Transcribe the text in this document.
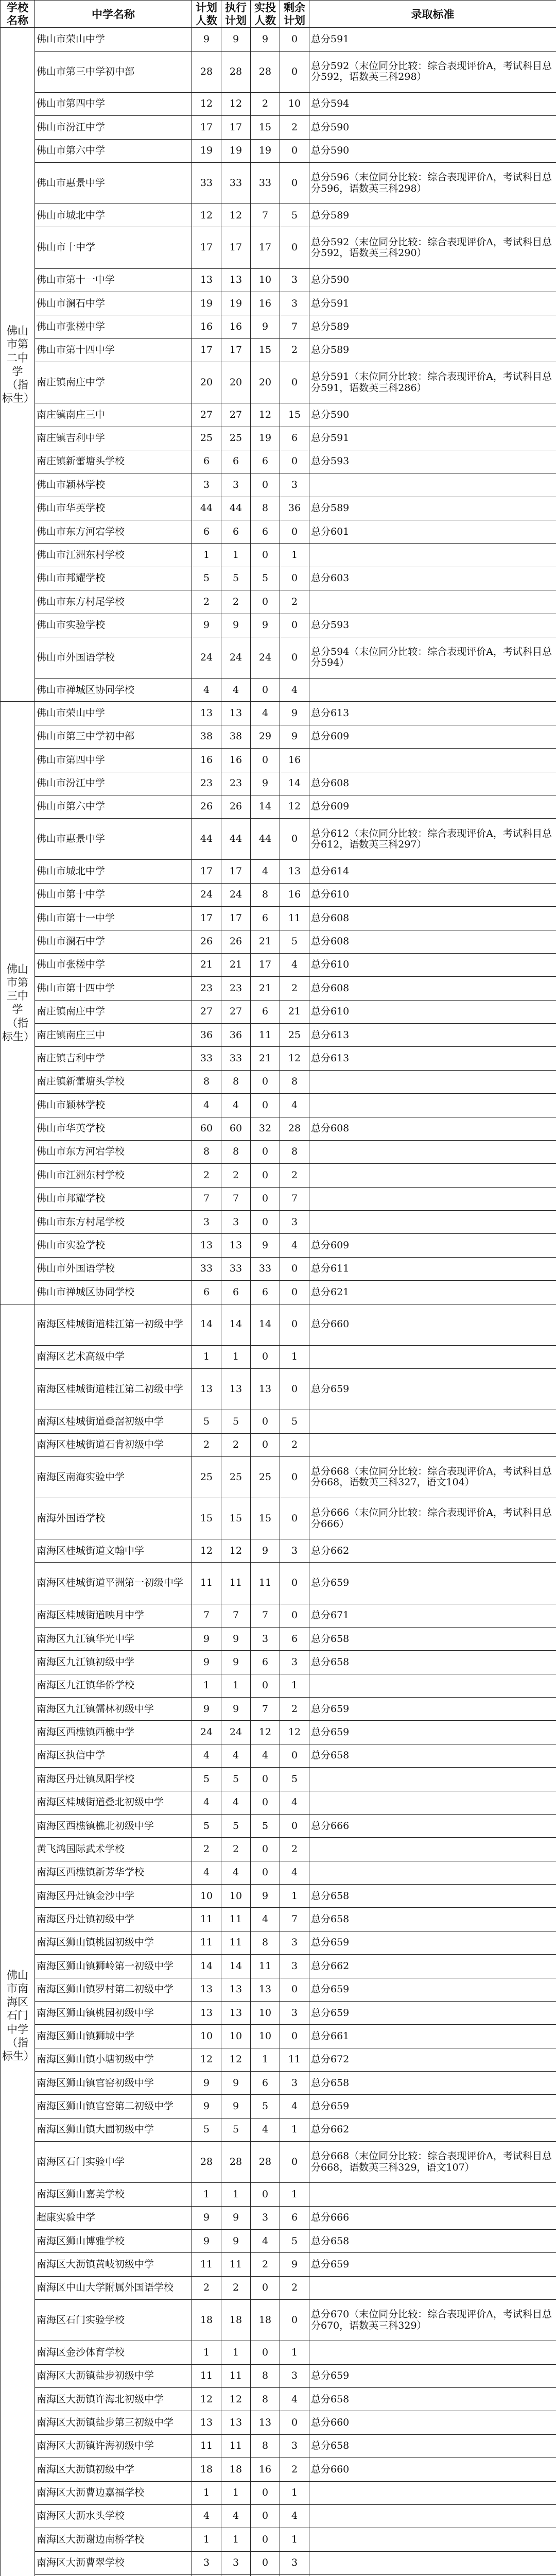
学校名称	中学名称	计划人数	执行计划	实投人数	剩余计划	录取标准
佛山市第二中学（指标生）	佛山市荣山中学	9	9	9	0	总分591
	佛山市第三中学初中部	28	28	28	0	总分592（末位同分比较：综合表现评价A，考试科目总分592，语数英三科298）
	佛山市第四中学	12	12	2	10	总分594
	佛山市汾江中学	17	17	15	2	总分590
	佛山市第六中学	19	19	19	0	总分590
	佛山市惠景中学	33	33	33	0	总分596（末位同分比较：综合表现评价A，考试科目总分596，语数英三科298）
	佛山市城北中学	12	12	7	5	总分589
	佛山市十中学	17	17	17	0	总分592（末位同分比较：综合表现评价A，考试科目总分592，语数英三科290）
	佛山市第十一中学	13	13	10	3	总分590
	佛山市澜石中学	19	19	16	3	总分591
	佛山市张槎中学	16	16	9	7	总分589
	佛山市第十四中学	17	17	15	2	总分589
	南庄镇南庄中学	20	20	20	0	总分591（末位同分比较：综合表现评价A，考试科目总分591，语数英三科286）
	南庄镇南庄三中	27	27	12	15	总分590
	南庄镇吉利中学	25	25	19	6	总分591
	南庄镇新蕾塘头学校	6	6	6	0	总分593
	佛山市颖林学校	3	3	0	3	
	佛山市华英学校	44	44	8	36	总分589
	佛山市东方河宕学校	6	6	6	0	总分601
	佛山市江洲东村学校	1	1	0	1	
	佛山市邦耀学校	5	5	5	0	总分603
	佛山市东方村尾学校	2	2	0	2	
	佛山市实验学校	9	9	9	0	总分593
	佛山市外国语学校	24	24	24	0	总分594（末位同分比较：综合表现评价A，考试科目总分594）
	佛山市禅城区协同学校	4	4	0	4	
佛山市第三中学（指标生）	佛山市荣山中学	13	13	4	9	总分613
	佛山市第三中学初中部	38	38	29	9	总分609
	佛山市第四中学	16	16	0	16	
	佛山市汾江中学	23	23	9	14	总分608
	佛山市第六中学	26	26	14	12	总分609
	佛山市惠景中学	44	44	44	0	总分612（末位同分比较：综合表现评价A，考试科目总分612，语数英三科297）
	佛山市城北中学	17	17	4	13	总分614
	佛山市第十中学	24	24	8	16	总分610
	佛山市第十一中学	17	17	6	11	总分608
	佛山市澜石中学	26	26	21	5	总分608
	佛山市张槎中学	21	21	17	4	总分610
	佛山市第十四中学	23	23	21	2	总分608
	南庄镇南庄中学	27	27	6	21	总分610
	南庄镇南庄三中	36	36	11	25	总分613
	南庄镇吉利中学	33	33	21	12	总分613
	南庄镇新蕾塘头学校	8	8	0	8	
	佛山市颖林学校	4	4	0	4	
	佛山市华英学校	60	60	32	28	总分608
	佛山市东方河宕学校	8	8	0	8	
	佛山市江洲东村学校	2	2	0	2	
	佛山市邦耀学校	7	7	0	7	
	佛山市东方村尾学校	3	3	0	3	
	佛山市实验学校	13	13	9	4	总分609
	佛山市外国语学校	33	33	33	0	总分611
	佛山市禅城区协同学校	6	6	6	0	总分621
佛山市南海区石门中学（指标生）	南海区桂城街道桂江第一初级中学	14	14	14	0	总分660
	南海区艺术高级中学	1	1	0	1	
	南海区桂城街道桂江第二初级中学	13	13	13	0	总分659
	南海区桂城街道叠滘初级中学	5	5	0	5	
	南海区桂城街道石肯初级中学	2	2	0	2	
	南海区南海实验中学	25	25	25	0	总分668（末位同分比较：综合表现评价A，考试科目总分668，语数英三科327，语文104）
	南海外国语学校	15	15	15	0	总分666（末位同分比较：综合表现评价A，考试科目总分666）
	南海区桂城街道文翰中学	12	12	9	3	总分662
	南海区桂城街道平洲第一初级中学	11	11	11	0	总分659
	南海区桂城街道映月中学	7	7	7	0	总分671
	南海区九江镇华光中学	9	9	3	6	总分658
	南海区九江镇初级中学	9	9	6	3	总分658
	南海区九江镇华侨学校	1	1	0	1	
	南海区九江镇儒林初级中学	9	9	7	2	总分659
	南海区西樵镇西樵中学	24	24	12	12	总分659
	南海区执信中学	4	4	4	0	总分658
	南海区丹灶镇凤阳学校	5	5	0	5	
	南海区桂城街道叠北初级中学	4	4	0	4	
	南海区西樵镇樵北初级中学	5	5	5	0	总分666
	黄飞鸿国际武术学校	2	2	0	2	
	南海区西樵镇新芳华学校	4	4	0	4	
	南海区丹灶镇金沙中学	10	10	9	1	总分658
	南海区丹灶镇初级中学	11	11	4	7	总分658
	南海区狮山镇桃园初级中学	11	11	8	3	总分659
	南海区狮山镇狮岭第一初级中学	14	14	11	3	总分662
	南海区狮山镇罗村第二初级中学	13	13	13	0	总分659
	南海区狮山镇桃园初级中学	13	13	10	3	总分659
	南海区狮山镇狮城中学	10	10	10	0	总分661
	南海区狮山镇小塘初级中学	12	12	1	11	总分672
	南海区狮山镇官窑初级中学	9	9	6	3	总分658
	南海区狮山镇官窑第二初级中学	9	9	5	4	总分659
	南海区狮山镇大圃初级中学	5	5	4	1	总分662
	南海区石门实验中学	28	28	28	0	总分668（末位同分比较：综合表现评价A，考试科目总分668，语数英三科329，语文107）
	南海区狮山嘉美学校	1	1	0	1	
	超康实验中学	9	9	3	6	总分666
	南海区狮山博雅学校	9	9	4	5	总分658
	南海区大沥镇黄岐初级中学	11	11	2	9	总分659
	南海区中山大学附属外国语学校	2	2	0	2	
	南海区石门实验学校	18	18	18	0	总分670（末位同分比较：综合表现评价A，考试科目总分670，语数英三科329）
	南海区金沙体育学校	1	1	0	1	
	南海区大沥镇盐步初级中学	11	11	8	3	总分659
	南海区大沥镇许海北初级中学	12	12	8	4	总分658
	南海区大沥镇盐步第三初级中学	13	13	13	0	总分660
	南海区大沥镇许海初级中学	11	11	8	3	总分658
	南海区大沥镇初级中学	18	18	16	2	总分660
	南海区大沥曹边嘉福学校	1	1	0	1	
	南海区大沥水头学校	4	4	0	4	
	南海区大沥谢边南桥学校	1	1	0	1	
	南海区大沥曹翠学校	3	3	0	3	
